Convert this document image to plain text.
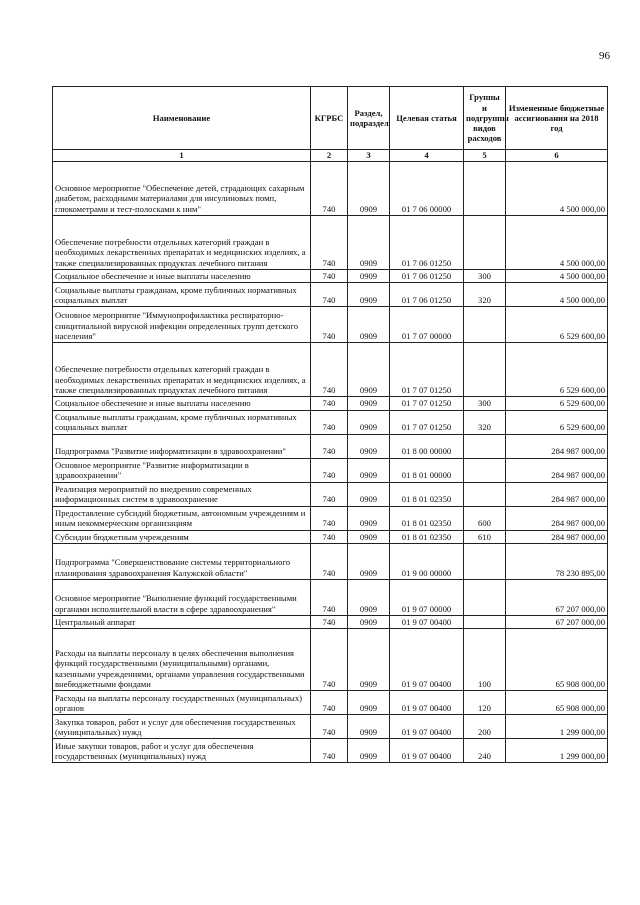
96
Наименование	КГРБС	Раздел, подраздел	Целевая статья	Группы и подгруппы видов расходов	Измененные бюджетные ассигнования на 2018 год
1	2	3	4	5	6
Основное мероприятие "Обеспечение детей, страдающих сахарным диабетом, расходными материалами для инсулиновых помп, глюкометрами и тест-полосками к ним"	740	0909	01 7 06 00000		4 500 000,00
Обеспечение потребности отдельных категорий граждан в необходимых лекарственных препаратах и медицинских изделиях, а также специализированных продуктах лечебного питания	740	0909	01 7 06 01250		4 500 000,00
Социальное обеспечение и иные выплаты населению	740	0909	01 7 06 01250	300	4 500 000,00
Социальные выплаты гражданам, кроме публичных нормативных социальных выплат	740	0909	01 7 06 01250	320	4 500 000,00
Основное мероприятие "Иммунопрофилактика респираторно-синцитиальной вирусной инфекции определенных групп детского населения"	740	0909	01 7 07 00000		6 529 600,00
Обеспечение потребности отдельных категорий граждан в необходимых лекарственных препаратах и медицинских изделиях, а также специализированных продуктах лечебного питания	740	0909	01 7 07 01250		6 529 600,00
Социальное обеспечение и иные выплаты населению	740	0909	01 7 07 01250	300	6 529 600,00
Социальные выплаты гражданам, кроме публичных нормативных социальных выплат	740	0909	01 7 07 01250	320	6 529 600,00
Подпрограмма "Развитие информатизации в здравоохранении"	740	0909	01 8 00 00000		284 987 000,00
Основное мероприятие "Развитие информатизации в здравоохранении"	740	0909	01 8 01 00000		284 987 000,00
Реализация мероприятий по внедрению современных информационных систем в здравоохранение	740	0909	01 8 01 02350		284 987 000,00
Предоставление субсидий бюджетным, автономным учреждениям и иным некоммерческим организациям	740	0909	01 8 01 02350	600	284 987 000,00
Субсидии бюджетным учреждениям	740	0909	01 8 01 02350	610	284 987 000,00
Подпрограмма "Совершенствование системы территориального планирования здравоохранения Калужской области"	740	0909	01 9 00 00000		78 230 895,00
Основное мероприятие "Выполнение функций государственными органами исполнительной власти в сфере здравоохранения"	740	0909	01 9 07 00000		67 207 000,00
Центральный аппарат	740	0909	01 9 07 00400		67 207 000,00
Расходы на выплаты персоналу в целях обеспечения выполнения функций государственными (муниципальными) органами, казенными учреждениями, органами управления государственными внебюджетными фондами	740	0909	01 9 07 00400	100	65 908 000,00
Расходы на выплаты персоналу государственных (муниципальных) органов	740	0909	01 9 07 00400	120	65 908 000,00
Закупка товаров, работ и услуг для обеспечения государственных (муниципальных) нужд	740	0909	01 9 07 00400	200	1 299 000,00
Иные закупки товаров, работ и услуг для обеспечения государственных (муниципальных) нужд	740	0909	01 9 07 00400	240	1 299 000,00
